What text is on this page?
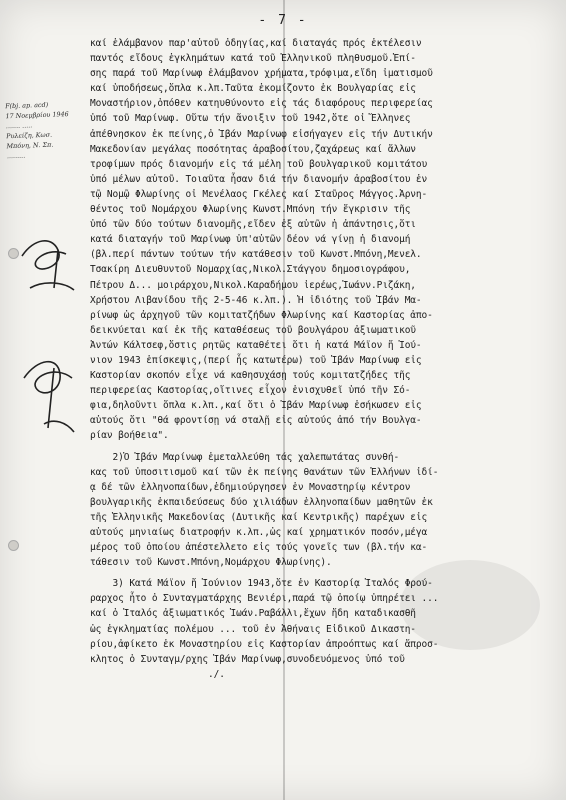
- 7 -
F(bj. ap. acd)
17 Νοεμβρίου 1946
....... .....
Ρυλείζη, Κωσ.
Μπόνη, Ν. Σπ.
.........
καί ἐλάμβανον παρ'αὐτοῦ ὁδηγίας,καί διαταγάς πρός ἐκτέλεσιν
παντός εἴδους ἐγκλημάτων κατά τοῦ Ἑλληνικοῦ πληθυσμοῦ.Ἐπί-
σης παρά τοῦ Μαρίνωφ ἐλάμβανον χρήματα,τρόφιμα,εἴδη ἱματισμοῦ
καί ὑποδήσεως,ὅπλα κ.λπ.Ταῦτα ἐκομίζοντο ἐκ Βουλγαρίας εἰς
Μοναστήριον,ὁπόθεν κατηυθύνοντο εἰς τάς διαφόρους περιφερείας
ὑπό τοῦ Μαρίνωφ. Οὕτω τήν ἄνοιξιν τοῦ 1942,ὅτε οἱ Ἕλληνες
ἀπέθνησκον ἐκ πείνης,ὁ Ἰβάν Μαρίνωφ εἰσήγαγεν εἰς τήν Δυτικήν
Μακεδονίαν μεγάλας ποσότητας ἀραβοσίτου,ζαχάρεως καί ἄλλων
τροφίμων πρός διανομήν εἰς τά μέλη τοῦ βουλγαρικοῦ κομιτάτου
ὑπό μέλων αὐτοῦ. Τοιαῦτα ἦσαν διά τήν διανομήν ἀραβοσίτου ἐν
τῷ Νομῷ Φλωρίνης οἱ Μενέλαος Γκέλες καί Σταῦρος Μάγγος.Ἀρνη-
θέντος τοῦ Νομάρχου Φλωρίνης Κωνστ.Μπόνη τήν ἔγκρισιν τῆς
ὑπό τῶν δύο τούτων διανομῆς,εἴδεν ἐξ αὐτῶν ἡ ἀπάντησις,ὅτι
κατά διαταγήν τοῦ Μαρίνωφ ὑπ'αὐτῶν δέον νά γίνῃ ἡ διανομή
(βλ.περί πάντων τούτων τήν κατάθεσιν τοῦ Κωνστ.Μπόνη,Μενελ.
Τσακίρη Διευθυντοῦ Νομαρχίας,Νικολ.Στάγγου δημοσιογράφου,
Πέτρου Δ... μοιράρχου,Νικολ.Καραδήμου ἱερέως,Ἰωάνν.Ριζάκη,
Χρήστου Λιβανίδου τῆς 2-5-46 κ.λπ.). Ἡ ἰδιότης τοῦ Ἰβάν Μα-
ρίνωφ ὡς ἀρχηγοῦ τῶν κομιτατζήδων Φλωρίνης καί Καστορίας ἀπο-
δεικνύεται καί ἐκ τῆς καταθέσεως τοῦ βουλγάρου ἀξιωματικοῦ
Ἀντών Κάλτσεφ,ὅστις ρητῶς καταθέτει ὅτι ἡ κατά Μάϊον ἤ Ἰού-
νιον 1943 ἐπίσκεψις,(περί ἧς κατωτέρω) τοῦ Ἰβάν Μαρίνωφ εἰς
Καστορίαν σκοπόν εἶχε νά καθησυχάσῃ τούς κομιτατζήδες τῆς
περιφερείας Καστορίας,οἵτινες εἶχον ἐνισχυθεῖ ὑπό τῆν Σό-
φια,δηλοῦντι ὅπλα κ.λπ.,καί ὅτι ὁ Ἰβάν Μαρίνωφ ἐσήκωσεν εἰς
αὐτούς ὅτι "θά φροντίσῃ νά σταλῇ εἰς αὐτούς ἀπό τήν Βουλγα-
ρίαν βοήθεια".
2)Ὁ Ἰβάν Μαρίνωφ ἐμεταλλεύθη τάς χαλεπωτάτας συνθή-
κας τοῦ ὑποσιτισμοῦ καί τῶν ἐκ πείνης θανάτων τῶν Ἑλλήνων ἰδί-
ᾳ δέ τῶν ἑλληνοπαίδων,ἐδημιούργησεν ἐν Μοναστηρίῳ κέντρον
βουλγαρικῆς ἐκπαιδεύσεως δύο χιλιάδων ἑλληνοπαίδων μαθητῶν ἐκ
τῆς Ἑλληνικῆς Μακεδονίας (Δυτικῆς καί Κεντρικῆς) παρέχων εἰς
αὐτούς μηνιαίως διατροφήν κ.λπ.,ὡς καί χρηματικόν ποσόν,μέγα
μέρος τοῦ ὁποίου ἀπέστελλετο εἰς τούς γονεῖς των (βλ.τήν κα-
τάθεσιν τοῦ Κωνστ.Μπόνη,Νομάρχου Φλωρίνης).
3) Κατά Μάϊον ἤ Ἰούνιον 1943,ὅτε ἐν Καστορίᾳ Ἰταλός Φρού-
ραρχος ἦτο ὁ Συνταγματάρχης Βενιέρι,παρά τῷ ὁποίῳ ὑπηρέτει ...
καί ὁ Ἰταλός ἀξιωματικός Ἰωάν.Ραβάλλι,ἔχων ἤδη καταδικασθῆ
ὡς ἐγκληματίας πολέμου ... τοῦ ἐν Ἀθήναις Εἰδικοῦ Δικαστη-
ρίου,ἀφίκετο ἐκ Μοναστηρίου εἰς Καστορίαν ἀπροόπτως καί ἄπροσ-
κλητος ὁ Συνταγμ/ρχης Ἰβάν Μαρίνωφ,συνοδευόμενος ὑπό τοῦ
./.
